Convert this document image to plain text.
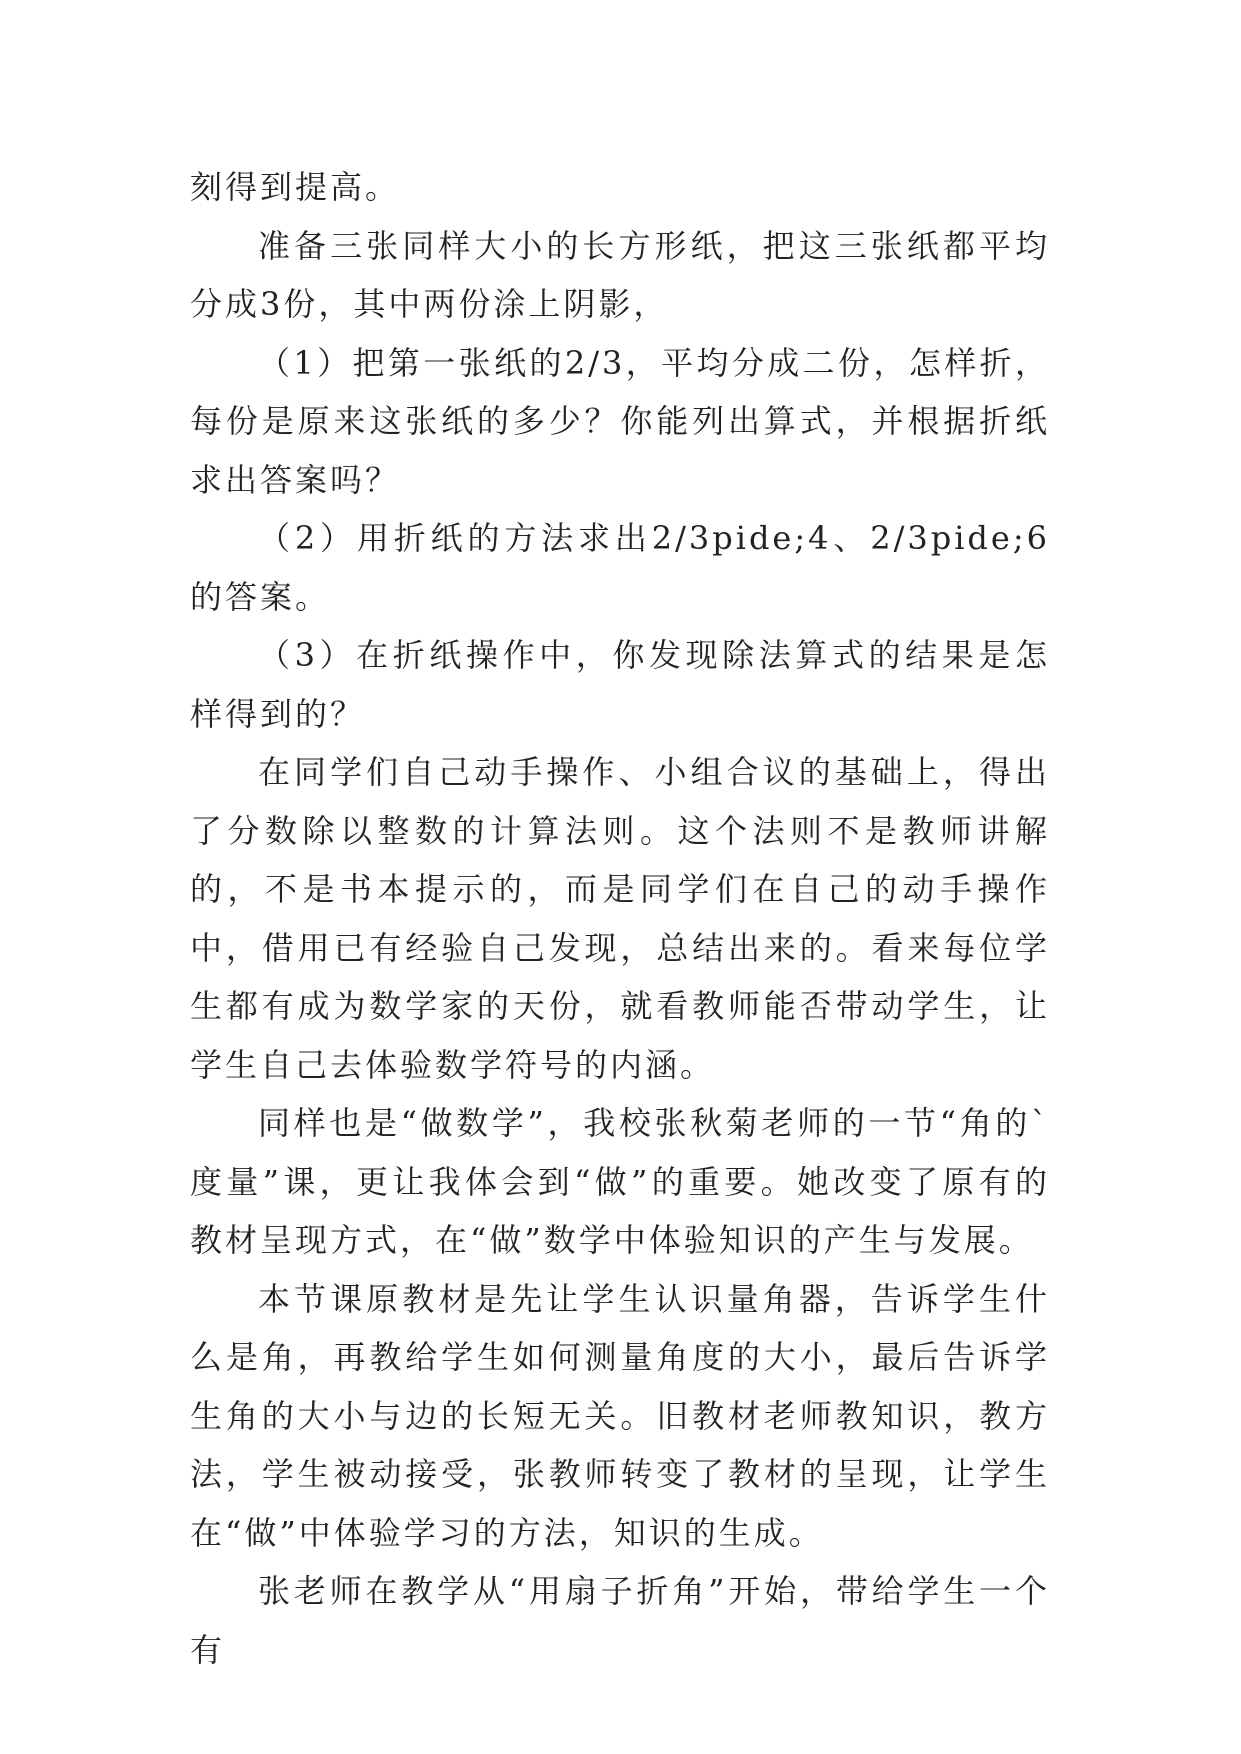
刻得到提高。

准备三张同样大小的长方形纸，把这三张纸都平均分成3份，其中两份涂上阴影，

（1）把第一张纸的2/3，平均分成二份，怎样折，每份是原来这张纸的多少？你能列出算式，并根据折纸求出答案吗？

（2）用折纸的方法求出2/3pide;4、2/3pide;6的答案。

（3）在折纸操作中，你发现除法算式的结果是怎样得到的？

在同学们自己动手操作、小组合议的基础上，得出了分数除以整数的计算法则。这个法则不是教师讲解的，不是书本提示的，而是同学们在自己的动手操作中，借用已有经验自己发现，总结出来的。看来每位学生都有成为数学家的天份，就看教师能否带动学生，让学生自己去体验数学符号的内涵。

同样也是“做数学”，我校张秋菊老师的一节“角的`度量”课，更让我体会到“做”的重要。她改变了原有的教材呈现方式，在“做”数学中体验知识的产生与发展。

本节课原教材是先让学生认识量角器，告诉学生什么是角，再教给学生如何测量角度的大小，最后告诉学生角的大小与边的长短无关。旧教材老师教知识，教方法，学生被动接受，张教师转变了教材的呈现，让学生在“做”中体验学习的方法，知识的生成。

张老师在教学从“用扇子折角”开始，带给学生一个有
